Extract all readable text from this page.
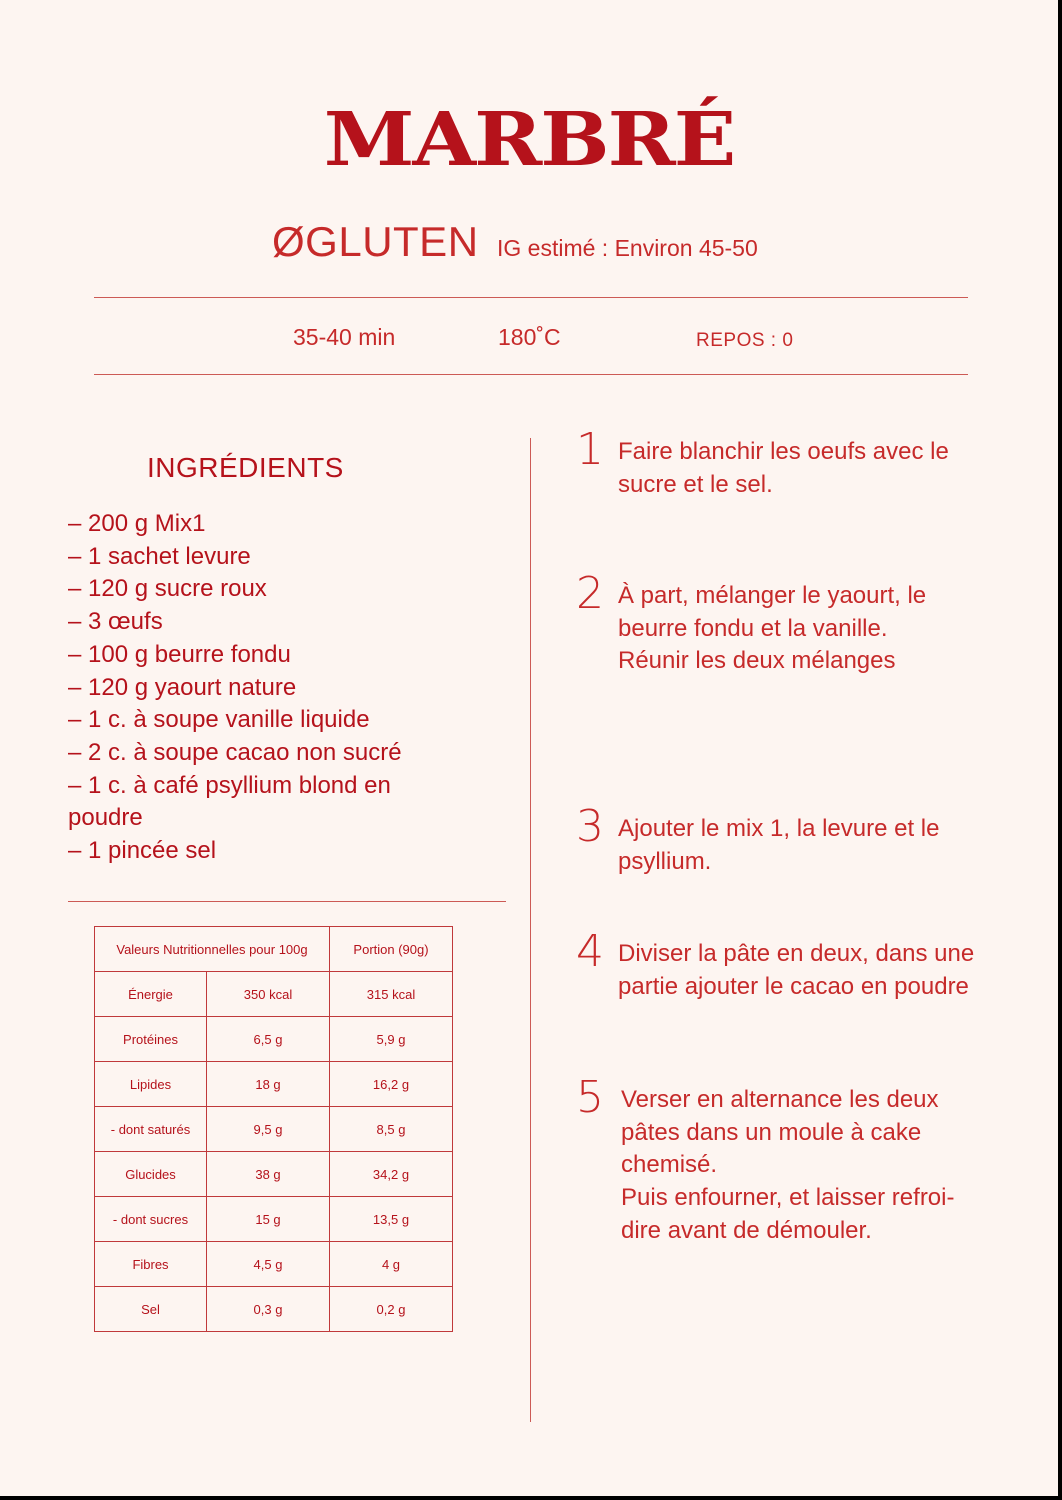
MARBRÉ
ØGLUTEN IG estimé : Environ 45-50
35-40 min	180˚C	REPOS : 0
INGRÉDIENTS
– 200 g Mix1
– 1 sachet levure
– 120 g sucre roux
– 3 œufs
– 100 g beurre fondu
– 120 g yaourt nature
– 1 c. à soupe vanille liquide
– 2 c. à soupe cacao non sucré
– 1 c. à café psyllium blond en poudre
– 1 pincée sel
Valeurs Nutritionnelles pour 100g		Portion (90g)
Énergie	350 kcal	315 kcal
Protéines	6,5 g	5,9 g
Lipides	18 g	16,2 g
- dont saturés	9,5 g	8,5 g
Glucides	38 g	34,2 g
- dont sucres	15 g	13,5 g
Fibres	4,5 g	4 g
Sel	0,3 g	0,2 g
1 Faire blanchir les oeufs avec le sucre et le sel.
2 À part, mélanger le yaourt, le beurre fondu et la vanille.
Réunir les deux mélanges
3 Ajouter le mix 1, la levure et le psyllium.
4 Diviser la pâte en deux, dans une partie ajouter le cacao en poudre
5 Verser en alternance les deux pâtes dans un moule à cake chemisé.
Puis enfourner, et laisser refroi-dire avant de démouler.
